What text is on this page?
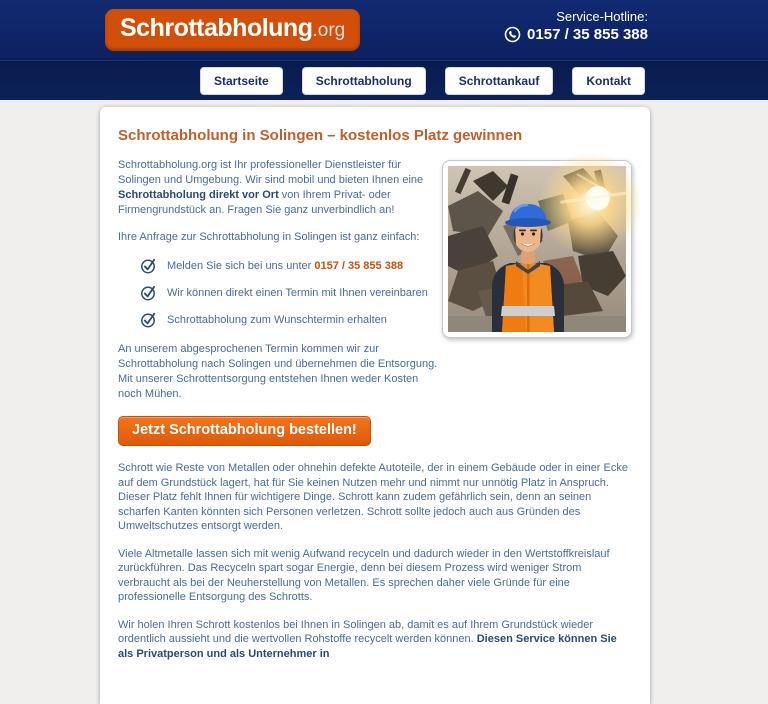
Schrottabholung.org
Service-Hotline:
0157 / 35 855 388
Startseite	Schrottabholung	Schrottankauf	Kontakt
Schrottabholung in Solingen – kostenlos Platz gewinnen

Schrottabholung.org ist Ihr professioneller Dienstleister für Solingen und Umgebung. Wir sind mobil und bieten Ihnen eine Schrottabholung direkt vor Ort von Ihrem Privat- oder Firmengrundstück an. Fragen Sie ganz unverbindlich an!

Ihre Anfrage zur Schrottabholung in Solingen ist ganz einfach:

Melden Sie sich bei uns unter 0157 / 35 855 388
Wir können direkt einen Termin mit Ihnen vereinbaren
Schrottabholung zum Wunschtermin erhalten

An unserem abgesprochenen Termin kommen wir zur Schrottabholung nach Solingen und übernehmen die Entsorgung. Mit unserer Schrottentsorgung entstehen Ihnen weder Kosten noch Mühen.

Jetzt Schrottabholung bestellen!

Schrott wie Reste von Metallen oder ohnehin defekte Autoteile, der in einem Gebäude oder in einer Ecke auf dem Grundstück lagert, hat für Sie keinen Nutzen mehr und nimmt nur unnötig Platz in Anspruch. Dieser Platz fehlt Ihnen für wichtigere Dinge. Schrott kann zudem gefährlich sein, denn an seinen scharfen Kanten könnten sich Personen verletzen. Schrott sollte jedoch auch aus Gründen des Umweltschutzes entsorgt werden.

Viele Altmetalle lassen sich mit wenig Aufwand recyceln und dadurch wieder in den Wertstoffkreislauf zurückführen. Das Recyceln spart sogar Energie, denn bei diesem Prozess wird weniger Strom verbraucht als bei der Neuherstellung von Metallen. Es sprechen daher viele Gründe für eine professionelle Entsorgung des Schrotts.

Wir holen Ihren Schrott kostenlos bei Ihnen in Solingen ab, damit es auf Ihrem Grundstück wieder ordentlich aussieht und die wertvollen Rohstoffe recycelt werden können. Diesen Service können Sie als Privatperson und als Unternehmer in
